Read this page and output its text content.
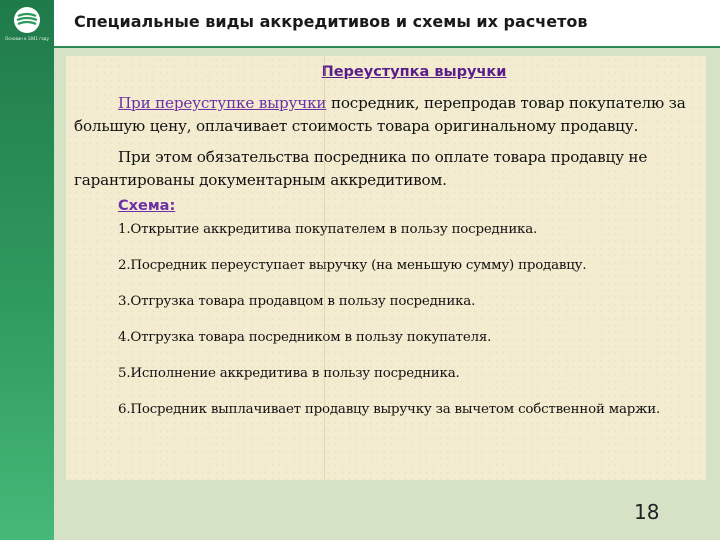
Основан в 1841 году
Специальные виды аккредитивов и схемы их расчетов
Переуступка выручки

При переуступке выручки посредник, перепродав товар покупателю за большую цену, оплачивает стоимость товара оригинальному продавцу.

При этом обязательства посредника по оплате товара продавцу не гарантированы документарным аккредитивом.

Схема:
1.Открытие аккредитива покупателем в пользу посредника.
2.Посредник переуступает выручку (на меньшую сумму) продавцу.
3.Отгрузка товара продавцом в пользу посредника.
4.Отгрузка товара посредником в пользу покупателя.
5.Исполнение аккредитива в пользу посредника.
6.Посредник выплачивает продавцу выручку за вычетом собственной маржи.
18
